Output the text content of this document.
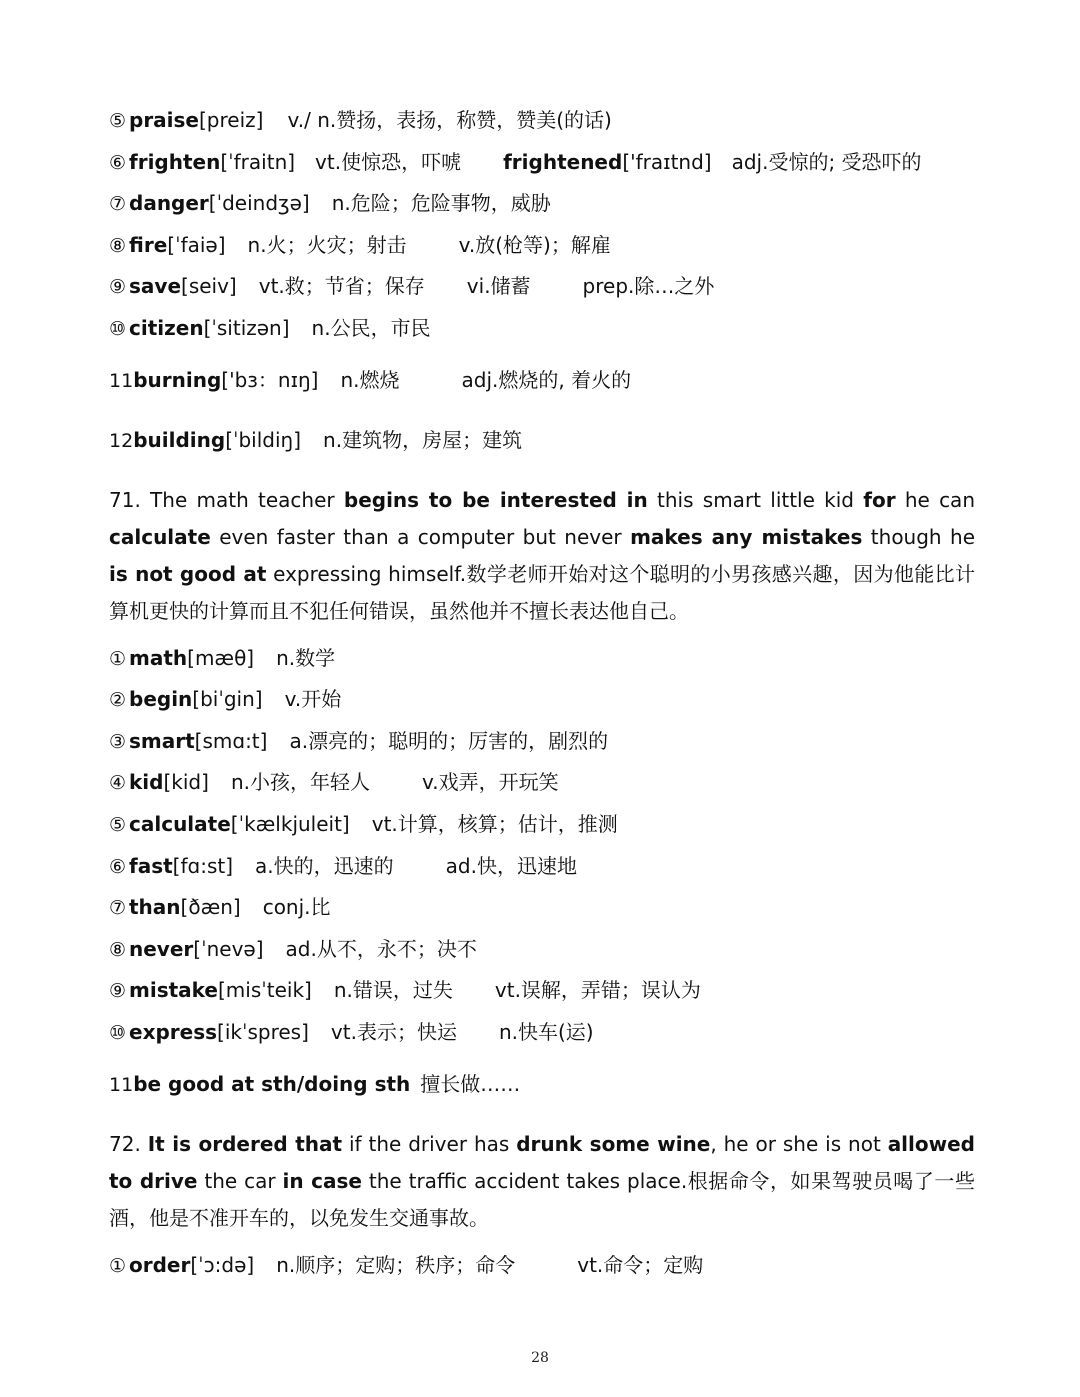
⑤ praise[preiz] v./ n.赞扬，表扬，称赞，赞美(的话)
⑥ frighten[ˈfraitn] vt.使惊恐，吓唬 frightened['fraɪtnd] adj.受惊的; 受恐吓的
⑦ danger[ˈdeindʒə] n.危险；危险事物，威胁
⑧ fire[ˈfaiə] n.火；火灾；射击	v.放(枪等)；解雇
⑨ save[seiv] vt.救；节省；保存 vi.储蓄	prep.除…之外
⑩ citizen[ˈsitizən] n.公民，市民
11burning['bɜ：nɪŋ] n.燃烧	adj.燃烧的, 着火的
12building[ˈbildiŋ] n.建筑物，房屋；建筑

71. The math teacher begins to be interested in this smart little kid for he can calculate even faster than a computer but never makes any mistakes though he is not good at expressing himself.数学老师开始对这个聪明的小男孩感兴趣，因为他能比计算机更快的计算而且不犯任何错误，虽然他并不擅长表达他自己。

① math[mæθ] n.数学
② begin[biˈgin] v.开始
③ smart[smɑ:t] a.漂亮的；聪明的；厉害的，剧烈的
④ kid[kid] n.小孩，年轻人	v.戏弄，开玩笑
⑤ calculate[ˈkælkjuleit] vt.计算，核算；估计，推测
⑥ fast[fɑ:st] a.快的，迅速的	ad.快，迅速地
⑦ than[ðæn] conj.比
⑧ never[ˈnevə] ad.从不，永不；决不
⑨ mistake[misˈteik] n.错误，过失 vt.误解，弄错；误认为
⑩ express[ikˈspres] vt.表示；快运 n.快车(运)
11be good at sth/doing sth 擅长做……

72. It is ordered that if the driver has drunk some wine, he or she is not allowed to drive the car in case the traffic accident takes place.根据命令，如果驾驶员喝了一些酒，他是不准开车的，以免发生交通事故。

① order[ˈɔ:də] n.顺序；定购；秩序；命令	vt.命令；定购
28
